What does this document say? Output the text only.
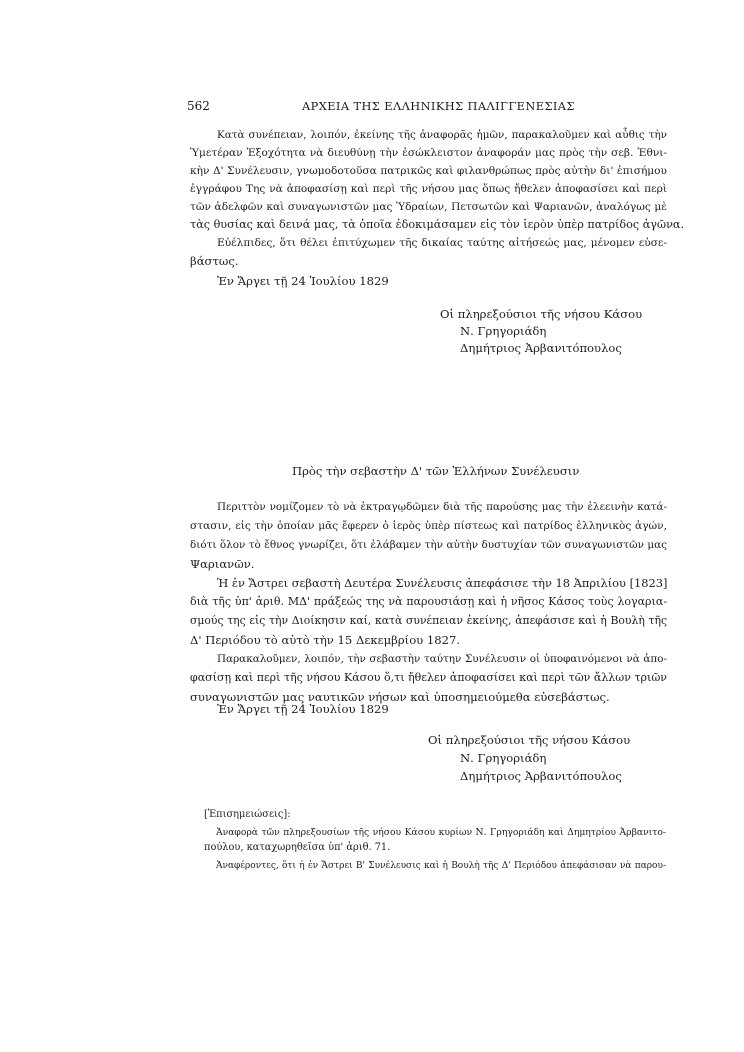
562	ΑΡΧΕΙΑ ΤΗΣ ΕΛΛΗΝΙΚΗΣ ΠΑΛΙΓΓΕΝΕΣΙΑΣ
Κατὰ συνέπειαν, λοιπόν, ἐκείνης τῆς ἀναφορᾶς ἡμῶν, παρακαλοῦμεν καὶ αὖθις τὴν
Ὑμετέραν Ἐξοχότητα νὰ διευθύνῃ τὴν ἐσώκλειστον ἀναφοράν μας πρὸς τὴν σεβ. Ἐθνι-
κὴν Δ' Συνέλευσιν, γνωμοδοτοῦσα πατρικῶς καὶ φιλανθρώπως πρὸς αὐτὴν δι' ἐπισήμου
ἐγγράφου Της νὰ ἀποφασίσῃ καὶ περὶ τῆς νήσου μας ὅπως ἤθελεν ἀποφασίσει καὶ περὶ
τῶν ἀδελφῶν καὶ συναγωνιστῶν μας Ὑδραίων, Πετσωτῶν καὶ Ψαριανῶν, ἀναλόγως μὲ
τὰς θυσίας καὶ δεινά μας, τὰ ὁποῖα ἐδοκιμάσαμεν εἰς τὸν ἱερὸν ὑπὲρ πατρίδος ἀγῶνα.
Εὐέλπιδες, ὅτι θέλει ἐπιτύχωμεν τῆς δικαίας ταύτης αἰτήσεώς μας, μένομεν εὐσε-
βάστως.
Ἐν Ἄργει τῇ 24 Ἰουλίου 1829
Οἱ πληρεξούσιοι τῆς νήσου Κάσου
Ν. Γρηγοριάδη
Δημήτριος Ἀρβανιτόπουλος
Πρὸς τὴν σεβαστὴν Δ' τῶν Ἑλλήνων Συνέλευσιν
Περιττὸν νομίζομεν τὸ νὰ ἐκτραγῳδῶμεν διὰ τῆς παρούσης μας τὴν ἐλεεινὴν κατά-
στασιν, εἰς τὴν ὁποίαν μᾶς ἔφερεν ὁ ἱερὸς ὑπὲρ πίστεως καὶ πατρίδος ἑλληνικὸς ἀγών,
διότι ὅλον τὸ ἔθνος γνωρίζει, ὅτι ἐλάβαμεν τὴν αὐτὴν δυστυχίαν τῶν συναγωνιστῶν μας
Ψαριανῶν.
Ἡ ἐν Ἄστρει σεβαστὴ Δευτέρα Συνέλευσις ἀπεφάσισε τὴν 18 Ἀπριλίου [1823]
διὰ τῆς ὑπ' ἀριθ. ΜΔ' πράξεώς της νὰ παρουσιάσῃ καὶ ἡ νῆσος Κάσος τοὺς λογαρια-
σμούς της εἰς τὴν Διοίκησιν καί, κατὰ συνέπειαν ἐκείνης, ἀπεφάσισε καὶ ἡ Βουλὴ τῆς
Δ' Περιόδου τὸ αὐτὸ τὴν 15 Δεκεμβρίου 1827.
Παρακαλοῦμεν, λοιπόν, τὴν σεβαστὴν ταύτην Συνέλευσιν οἱ ὑποφαινόμενοι νὰ ἀπο-
φασίσῃ καὶ περὶ τῆς νήσου Κάσου ὅ,τι ἤθελεν ἀποφασίσει καὶ περὶ τῶν ἄλλων τριῶν
συναγωνιστῶν μας ναυτικῶν νήσων καὶ ὑποσημειούμεθα εὐσεβάστως.
Ἐν Ἄργει τῇ 24 Ἰουλίου 1829
Οἱ πληρεξούσιοι τῆς νήσου Κάσου
Ν. Γρηγοριάδη
Δημήτριος Ἀρβανιτόπουλος
[Ἐπισημειώσεις]:
Ἀναφορὰ τῶν πληρεξουσίων τῆς νήσου Κάσου κυρίων Ν. Γρηγοριάδη καὶ Δημητρίου Ἀρβανιτο-
πούλου, καταχωρηθεῖσα ὑπ' ἀριθ. 71.
Ἀναφέροντες, ὅτι ἡ ἐν Ἄστρει Β' Συνέλευσις καὶ ἡ Βουλὴ τῆς Δ' Περιόδου ἀπεφάσισαν νὰ παρου-
